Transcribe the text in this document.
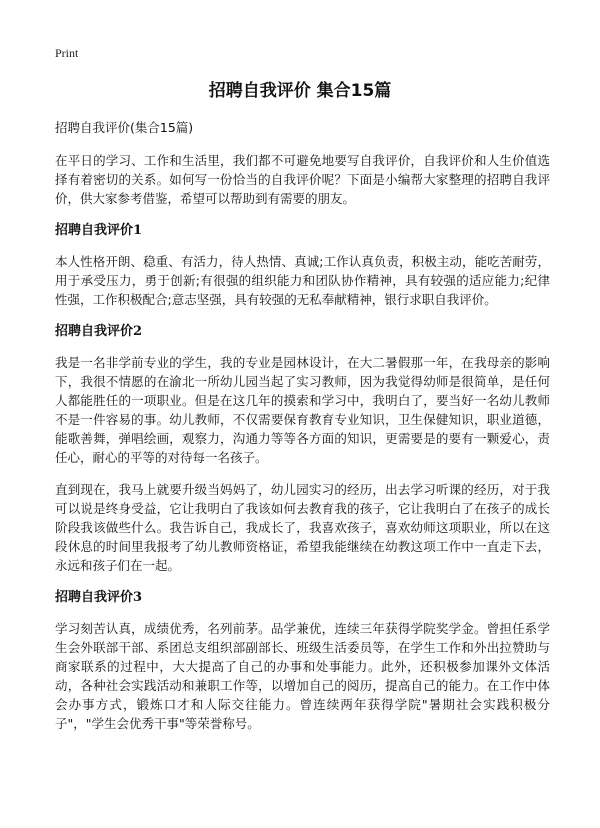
Print
招聘自我评价 集合15篇

招聘自我评价(集合15篇)

在平日的学习、工作和生活里，我们都不可避免地要写自我评价，自我评价和人生价值选择有着密切的关系。如何写一份恰当的自我评价呢？下面是小编帮大家整理的招聘自我评价，供大家参考借鉴，希望可以帮助到有需要的朋友。

招聘自我评价1

本人性格开朗、稳重、有活力，待人热情、真诚;工作认真负责，积极主动，能吃苦耐劳，用于承受压力，勇于创新;有很强的组织能力和团队协作精神，具有较强的适应能力;纪律性强，工作积极配合;意志坚强，具有较强的无私奉献精神，银行求职自我评价。

招聘自我评价2

我是一名非学前专业的学生，我的专业是园林设计，在大二暑假那一年，在我母亲的影响下，我很不情愿的在渝北一所幼儿园当起了实习教师，因为我觉得幼师是很简单，是任何人都能胜任的一项职业。但是在这几年的摸索和学习中，我明白了，要当好一名幼儿教师不是一件容易的事。幼儿教师，不仅需要保育教育专业知识，卫生保健知识，职业道德，能歌善舞，弹唱绘画，观察力，沟通力等等各方面的知识，更需要是的要有一颗爱心，责任心，耐心的平等的对待每一名孩子。

直到现在，我马上就要升级当妈妈了，幼儿园实习的经历，出去学习听课的经历，对于我可以说是终身受益，它让我明白了我该如何去教育我的孩子，它让我明白了在孩子的成长阶段我该做些什么。我告诉自己，我成长了，我喜欢孩子，喜欢幼师这项职业，所以在这段休息的时间里我报考了幼儿教师资格证，希望我能继续在幼教这项工作中一直走下去，永远和孩子们在一起。

招聘自我评价3

学习刻苦认真，成绩优秀，名列前茅。品学兼优，连续三年获得学院奖学金。曾担任系学生会外联部干部、系团总支组织部副部长、班级生活委员等，在学生工作和外出拉赞助与商家联系的过程中，大大提高了自己的办事和处事能力。此外，还积极参加课外文体活动，各种社会实践活动和兼职工作等，以增加自己的阅历，提高自己的能力。在工作中体会办事方式，锻炼口才和人际交往能力。曾连续两年获得学院"暑期社会实践积极分子"，"学生会优秀干事"等荣誉称号。
